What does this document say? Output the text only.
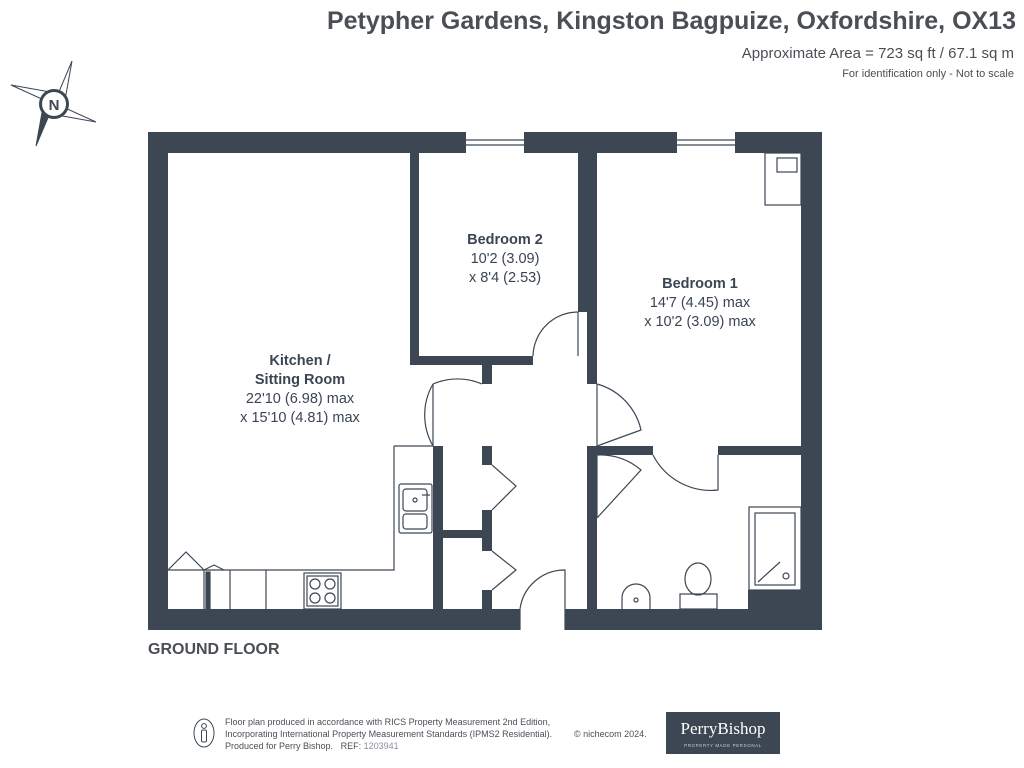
Petypher Gardens, Kingston Bagpuize, Oxfordshire, OX13
Approximate Area = 723 sq ft / 67.1 sq m
For identification only - Not to scale
N
Kitchen /
Sitting Room
22'10 (6.98) max
x 15'10 (4.81) max
Bedroom 2
10'2 (3.09)
x 8'4 (2.53)	Bedroom 1
14'7 (4.45) max
x 10'2 (3.09) max
GROUND FLOOR
Floor plan produced in accordance with RICS Property Measurement 2nd Edition,
Incorporating International Property Measurement Standards (IPMS2 Residential).
Produced for Perry Bishop. REF: 1203941
© nichecom 2024.	PerryBishop
PROPERTY MADE PERSONAL
